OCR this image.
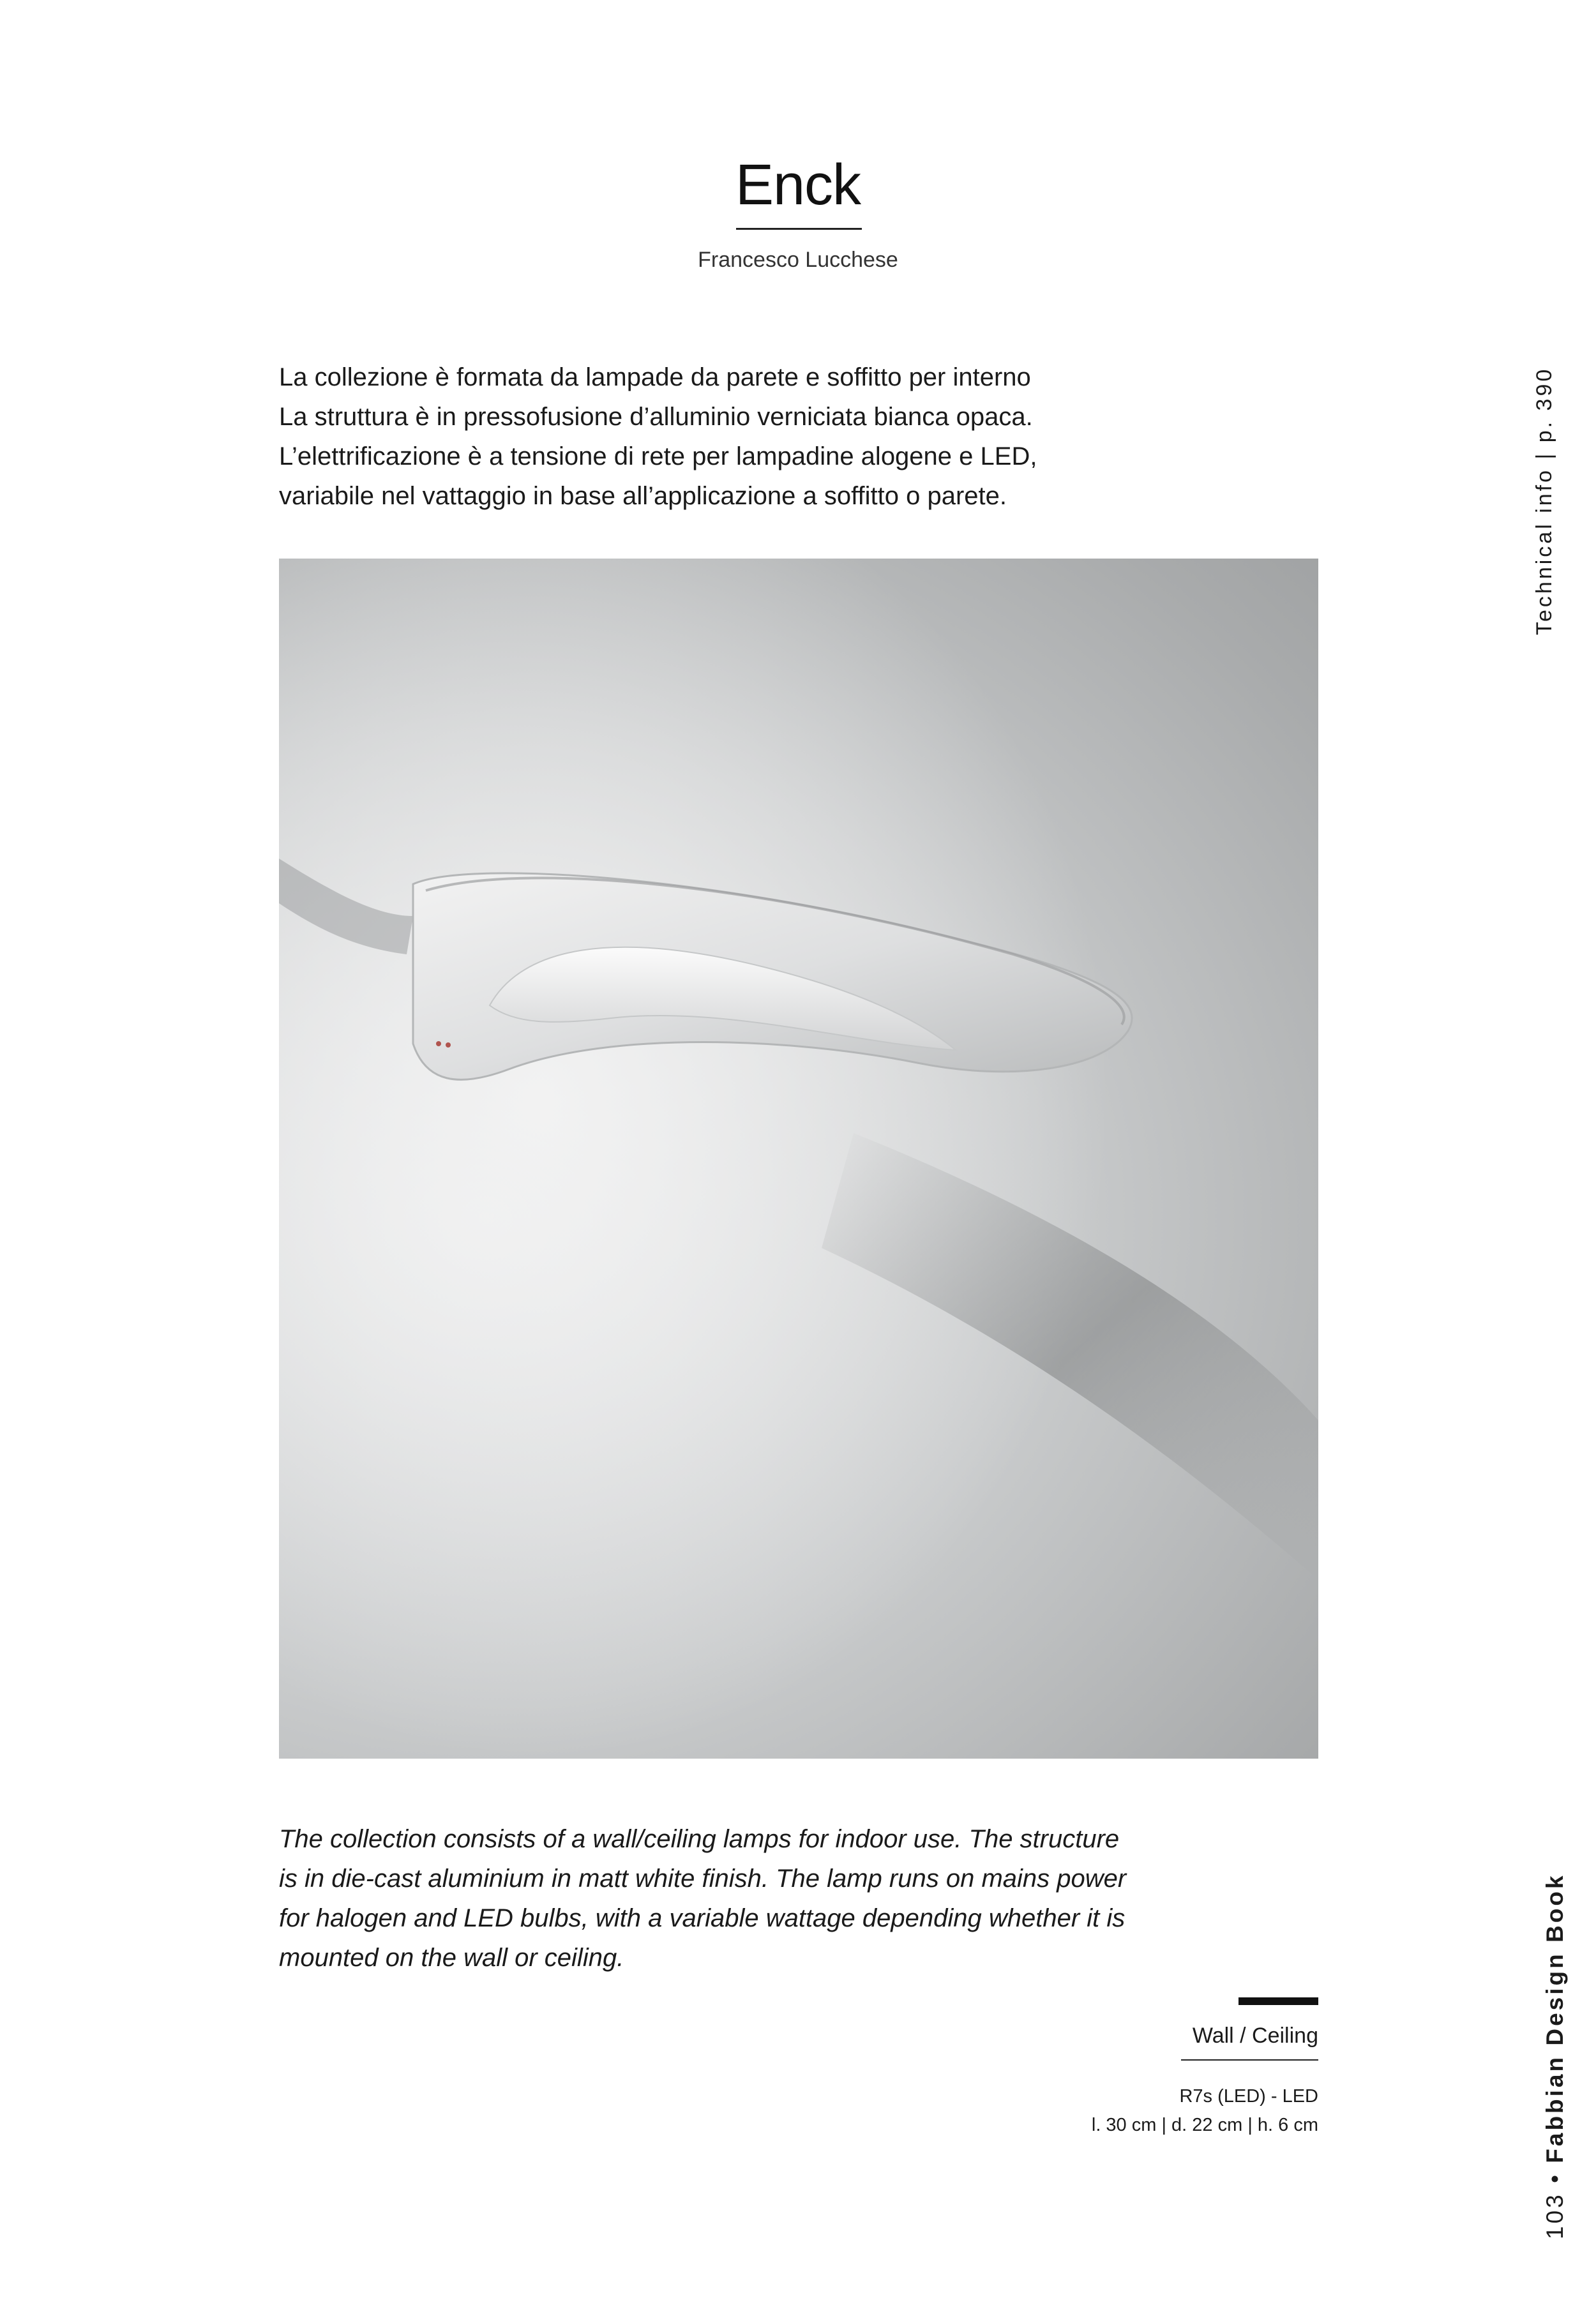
Enck
Francesco Lucchese

La collezione è formata da lampade da parete e soffitto per interno

La struttura è in pressofusione d’alluminio verniciata bianca opaca.

L’elettrificazione è a tensione di rete per lampadine alogene e LED,

variabile nel vattaggio in base all’applicazione a soffitto o parete.

The collection consists of a wall/ceiling lamps for indoor use. The structure

is in die-cast aluminium in matt white finish. The lamp runs on mains power

for halogen and LED bulbs, with a variable wattage depending whether it is

mounted on the wall or ceiling.

Wall / Ceiling
R7s (LED) - LED
l. 30 cm | d. 22 cm | h. 6 cm
Technical info | p. 390
103 • Fabbian Design Book
